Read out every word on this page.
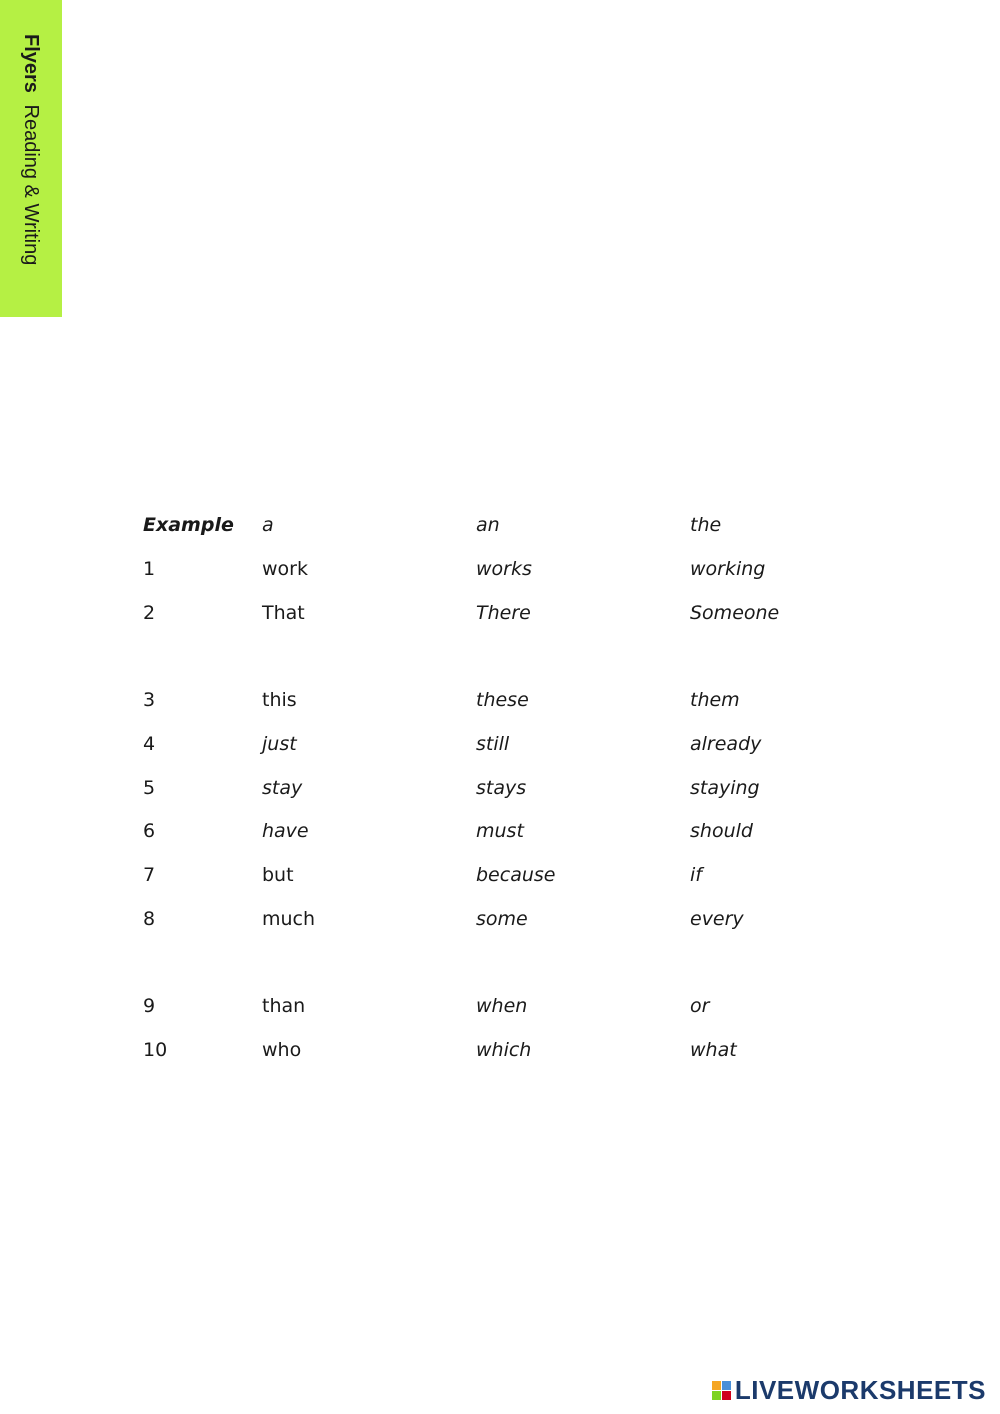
Flyers Reading & Writing
Example a	an	the
1	work	works	working
2	That	There	Someone
3	this	these	them
4	just	still	already
5	stay	stays	staying
6	have	must	should
7	but	because	if
8	much	some	every
9	than	when	or
10	who	which	what
LIVEWORKSHEETS
